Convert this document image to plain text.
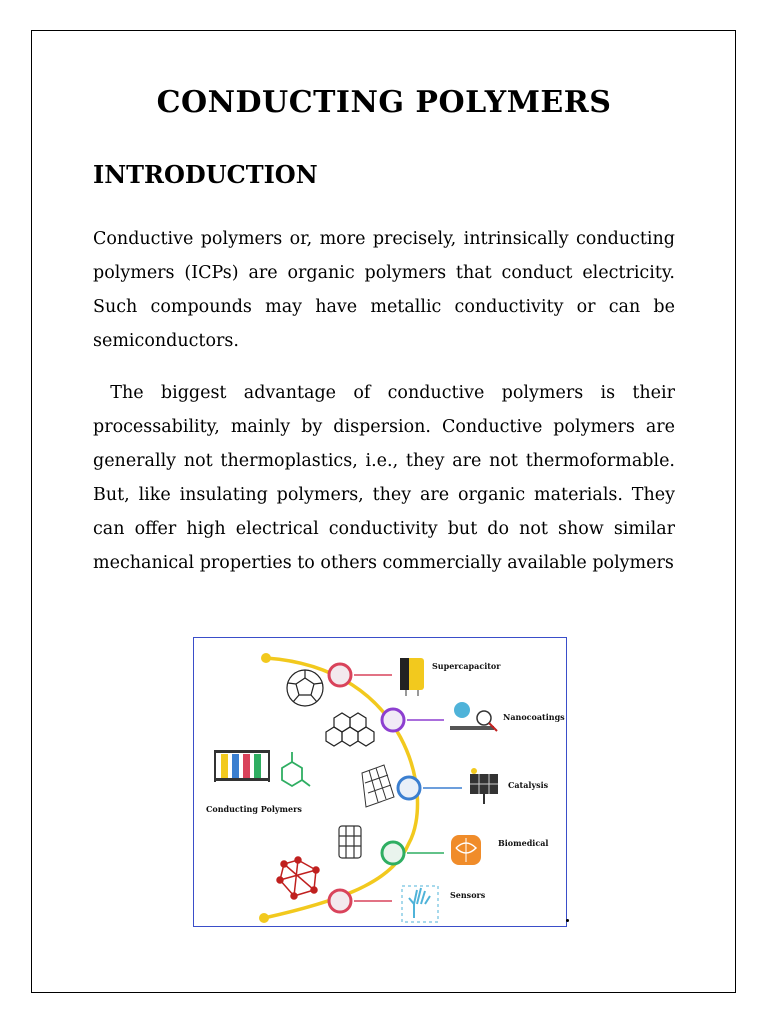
CONDUCTING POLYMERS
INTRODUCTION
Conductive polymers or, more precisely, intrinsically conducting polymers (ICPs) are organic polymers that conduct electricity. Such compounds may have metallic conductivity or can be semiconductors.
The biggest advantage of conductive polymers is their processability, mainly by dispersion. Conductive polymers are generally not thermoplastics, i.e., they are not thermoformable. But, like insulating polymers, they are organic materials. They can offer high electrical conductivity but do not show similar mechanical properties to others commercially available polymers
Conducting Polymers
Supercapacitor
Nanocoatings
Catalysis
Biomedical
Sensors
